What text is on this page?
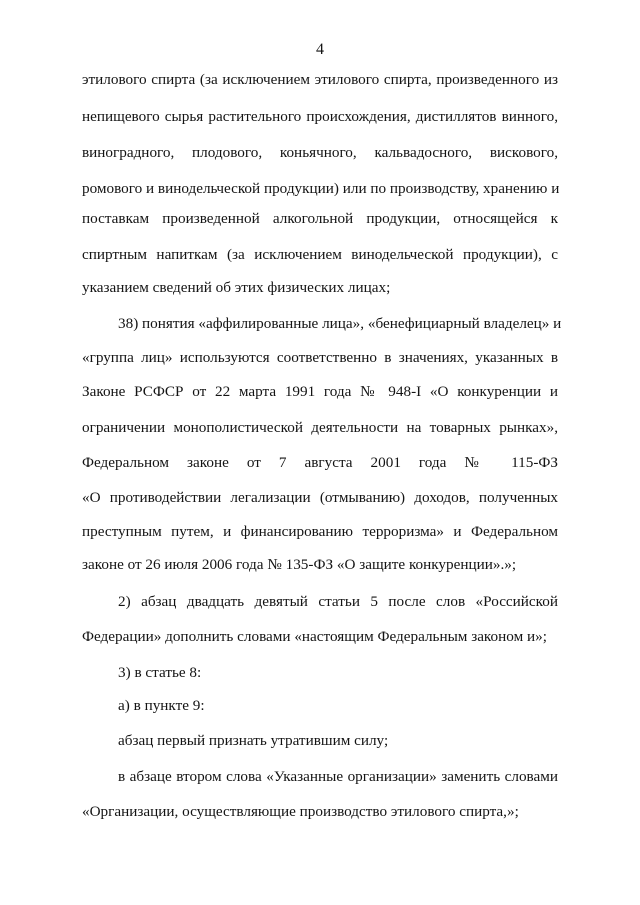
4
этилового спирта (за исключением этилового спирта, произведенного из
непищевого сырья растительного происхождения, дистиллятов винного,
виноградного, плодового, коньячного, кальвадосного, вискового,
ромового и винодельческой продукции) или по производству, хранению и
поставкам произведенной алкогольной продукции, относящейся к
спиртным напиткам (за исключением винодельческой продукции), с
указанием сведений об этих физических лицах;
38) понятия «аффилированные лица», «бенефициарный владелец» и
«группа лиц» используются соответственно в значениях, указанных в
Законе РСФСР от 22 марта 1991 года № 948-I «О конкуренции и
ограничении монополистической деятельности на товарных рынках»,
Федеральном законе от 7 августа 2001 года № 115-ФЗ
«О противодействии легализации (отмыванию) доходов, полученных
преступным путем, и финансированию терроризма» и Федеральном
законе от 26 июля 2006 года № 135-ФЗ «О защите конкуренции».»;
2) абзац двадцать девятый статьи 5 после слов «Российской
Федерации» дополнить словами «настоящим Федеральным законом и»;
3) в статье 8:
а) в пункте 9:
абзац первый признать утратившим силу;
в абзаце втором слова «Указанные организации» заменить словами
«Организации, осуществляющие производство этилового спирта,»;
